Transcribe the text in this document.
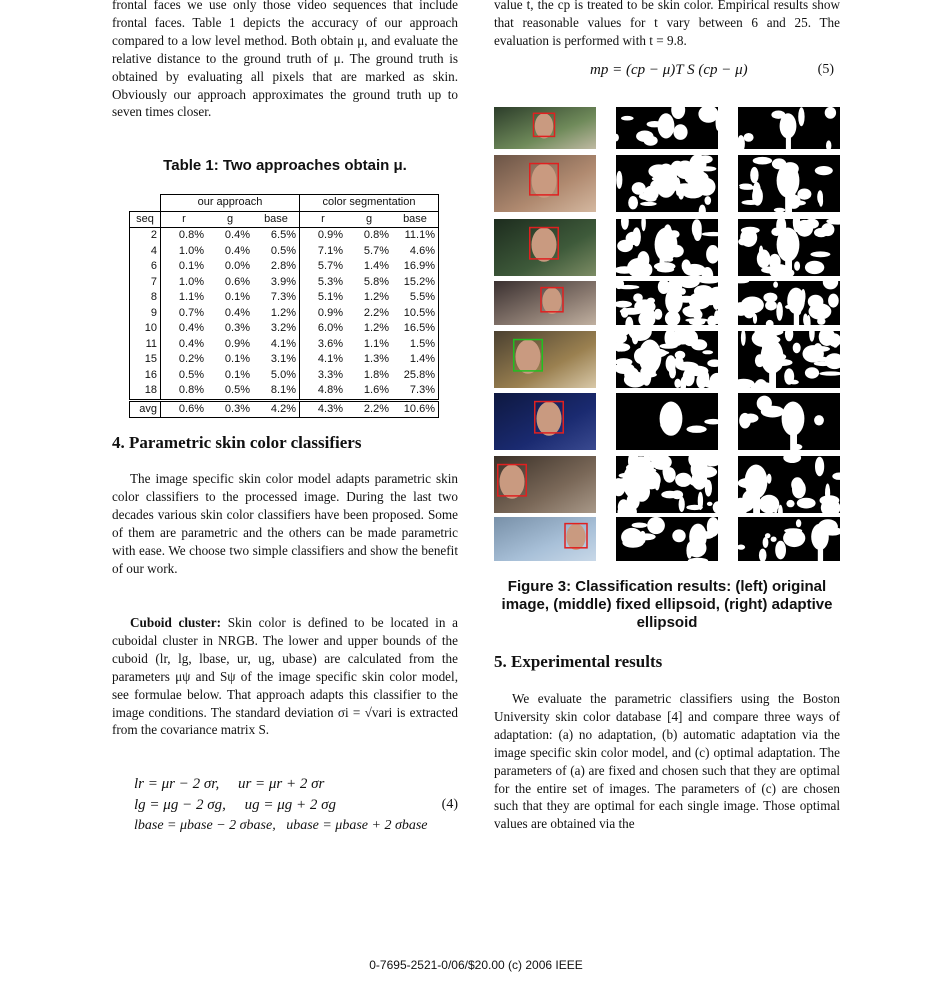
frontal faces we use only those video sequences that include frontal faces. Table 1 depicts the accuracy of our approach compared to a low level method. Both obtain μ, and evaluate the relative distance to the ground truth of μ. The ground truth is obtained by evaluating all pixels that are marked as skin. Obviously our approach approximates the ground truth up to seven times closer.

Table 1: Two approaches obtain μ.
	our approach			color segmentation		
seq	r	g	base	r	g	base
2	0.8%	0.4%	6.5%	0.9%	0.8%	11.1%
4	1.0%	0.4%	0.5%	7.1%	5.7%	4.6%
6	0.1%	0.0%	2.8%	5.7%	1.4%	16.9%
7	1.0%	0.6%	3.9%	5.3%	5.8%	15.2%
8	1.1%	0.1%	7.3%	5.1%	1.2%	5.5%
9	0.7%	0.4%	1.2%	0.9%	2.2%	10.5%
10	0.4%	0.3%	3.2%	6.0%	1.2%	16.5%
11	0.4%	0.9%	4.1%	3.6%	1.1%	1.5%
15	0.2%	0.1%	3.1%	4.1%	1.3%	1.4%
16	0.5%	0.1%	5.0%	3.3%	1.8%	25.8%
18	0.8%	0.5%	8.1%	4.8%	1.6%	7.3%
avg	0.6%	0.3%	4.2%	4.3%	2.2%	10.6%
4. Parametric skin color classifiers

The image specific skin color model adapts parametric skin color classifiers to the processed image. During the last two decades various skin color classifiers have been proposed. Some of them are parametric and the others can be made parametric with ease. We choose two simple classifiers and show the benefit of our work.

Cuboid cluster: Skin color is defined to be located in a cuboidal cluster in NRGB. The lower and upper bounds of the cuboid (lr, lg, lbase, ur, ug, ubase) are calculated from the parameters μψ and Sψ of the image specific skin color model, see formulae below. That approach adapts this classifier to the image conditions. The standard deviation σi = √vari is extracted from the covariance matrix S.

lr = μr − 2 σr,     ur = μr + 2 σr
lg = μg − 2 σg,     ug = μg + 2 σg
lbase = μbase − 2 σbase,   ubase = μbase + 2 σbase
(4)

value t, the cp is treated to be skin color. Empirical results show that reasonable values for t vary between 6 and 25. The evaluation is performed with t = 9.8.

mp = (cp − μ)T S (cp − μ)	(5)
Figure 3: Classification results: (left) original image, (middle) fixed ellipsoid, (right) adaptive ellipsoid
5. Experimental results

We evaluate the parametric classifiers using the Boston University skin color database [4] and compare three ways of adaptation: (a) no adaptation, (b) automatic adaptation via the image specific skin color model, and (c) optimal adaptation. The parameters of (a) are fixed and chosen such that they are optimal for the entire set of images. The parameters of (c) are chosen such that they are optimal for each single image. Those optimal values are obtained via the

0-7695-2521-0/06/$20.00 (c) 2006 IEEE
